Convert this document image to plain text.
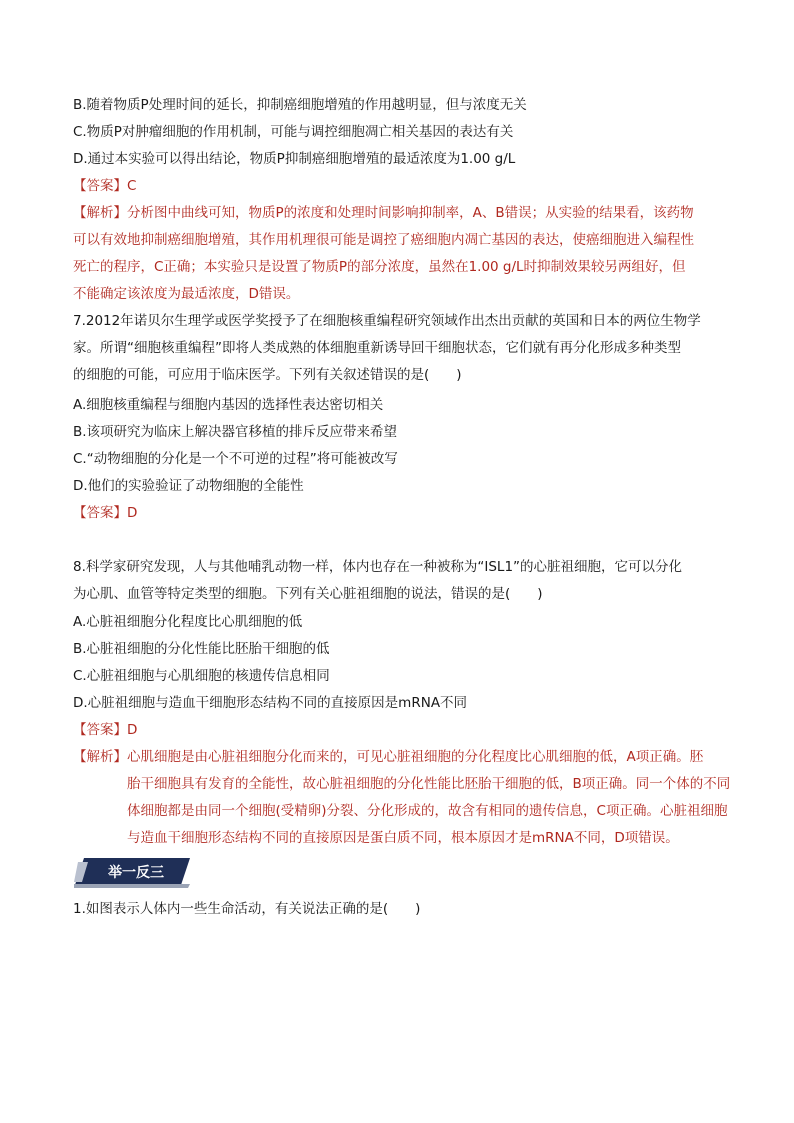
B.随着物质P处理时间的延长，抑制癌细胞增殖的作用越明显，但与浓度无关
C.物质P对肿瘤细胞的作用机制，可能与调控细胞凋亡相关基因的表达有关
D.通过本实验可以得出结论，物质P抑制癌细胞增殖的最适浓度为1.00 g/L
【答案】C
【解析】分析图中曲线可知，物质P的浓度和处理时间影响抑制率，A、B错误；从实验的结果看，该药物
可以有效地抑制癌细胞增殖，其作用机理很可能是调控了癌细胞内凋亡基因的表达，使癌细胞进入编程性
死亡的程序，C正确；本实验只是设置了物质P的部分浓度，虽然在1.00 g/L时抑制效果较另两组好，但
不能确定该浓度为最适浓度，D错误。
7.2012年诺贝尔生理学或医学奖授予了在细胞核重编程研究领域作出杰出贡献的英国和日本的两位生物学
家。所谓“细胞核重编程”即将人类成熟的体细胞重新诱导回干细胞状态，它们就有再分化形成多种类型
的细胞的可能，可应用于临床医学。下列有关叙述错误的是(　　)
A.细胞核重编程与细胞内基因的选择性表达密切相关
B.该项研究为临床上解决器官移植的排斥反应带来希望
C.“动物细胞的分化是一个不可逆的过程”将可能被改写
D.他们的实验验证了动物细胞的全能性
【答案】D
8.科学家研究发现，人与其他哺乳动物一样，体内也存在一种被称为“ISL1”的心脏祖细胞，它可以分化
为心肌、血管等特定类型的细胞。下列有关心脏祖细胞的说法，错误的是(　　)
A.心脏祖细胞分化程度比心肌细胞的低
B.心脏祖细胞的分化性能比胚胎干细胞的低
C.心脏祖细胞与心肌细胞的核遗传信息相同
D.心脏祖细胞与造血干细胞形态结构不同的直接原因是mRNA不同
【答案】D
【解析】心肌细胞是由心脏祖细胞分化而来的，可见心脏祖细胞的分化程度比心肌细胞的低，A项正确。胚
胎干细胞具有发育的全能性，故心脏祖细胞的分化性能比胚胎干细胞的低，B项正确。同一个体的不同
体细胞都是由同一个细胞(受精卵)分裂、分化形成的，故含有相同的遗传信息，C项正确。心脏祖细胞
与造血干细胞形态结构不同的直接原因是蛋白质不同，根本原因才是mRNA不同，D项错误。
举一反三
1.如图表示人体内一些生命活动，有关说法正确的是(　　)
